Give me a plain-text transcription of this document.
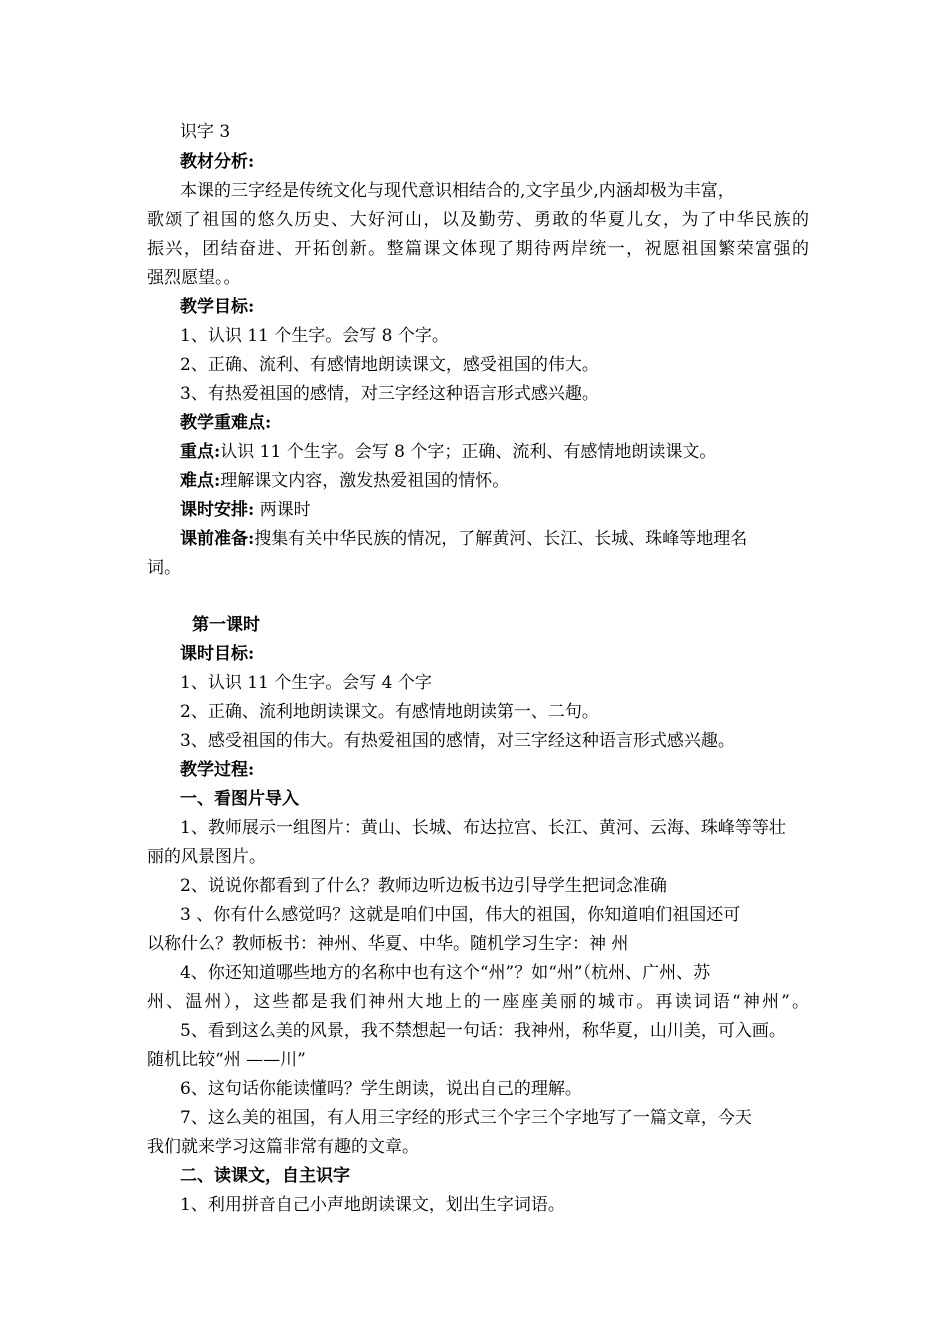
识字 3
教材分析:
本课的三字经是传统文化与现代意识相结合的,文字虽少,内涵却极为丰富，
歌颂了祖国的悠久历史、大好河山，以及勤劳、勇敢的华夏儿女，为了中华民族的
振兴，团结奋进、开拓创新。整篇课文体现了期待两岸统一，祝愿祖国繁荣富强的
强烈愿望。。
教学目标:
1、认识 11 个生字。会写 8 个字。
2、正确、流利、有感情地朗读课文，感受祖国的伟大。
3、有热爱祖国的感情，对三字经这种语言形式感兴趣。
教学重难点:
重点:认识 11 个生字。会写 8 个字；正确、流利、有感情地朗读课文。
难点:理解课文内容，激发热爱祖国的情怀。
课时安排: 两课时
课前准备:搜集有关中华民族的情况，了解黄河、长江、长城、珠峰等地理名
词。
第一课时
课时目标:
1、认识 11 个生字。会写 4 个字
2、正确、流利地朗读课文。有感情地朗读第一、二句。
3、感受祖国的伟大。有热爱祖国的感情，对三字经这种语言形式感兴趣。
教学过程:
一、看图片导入
1、教师展示一组图片：黄山、长城、布达拉宫、长江、黄河、云海、珠峰等等壮
丽的风景图片。
2、说说你都看到了什么？教师边听边板书边引导学生把词念准确
3 、你有什么感觉吗？这就是咱们中国，伟大的祖国，你知道咱们祖国还可
以称什么？教师板书：神州、华夏、中华。随机学习生字：神 州
4、你还知道哪些地方的名称中也有这个“州”？如“州”（杭州、广州、苏
州、温州），这些都是我们神州大地上的一座座美丽的城市。再读词语“神州”。
5、看到这么美的风景，我不禁想起一句话：我神州，称华夏，山川美，可入画。
随机比较“州 ——川”
6、这句话你能读懂吗？学生朗读，说出自己的理解。
7、这么美的祖国，有人用三字经的形式三个字三个字地写了一篇文章，今天
我们就来学习这篇非常有趣的文章。
二、读课文，自主识字
1、利用拼音自己小声地朗读课文，划出生字词语。
